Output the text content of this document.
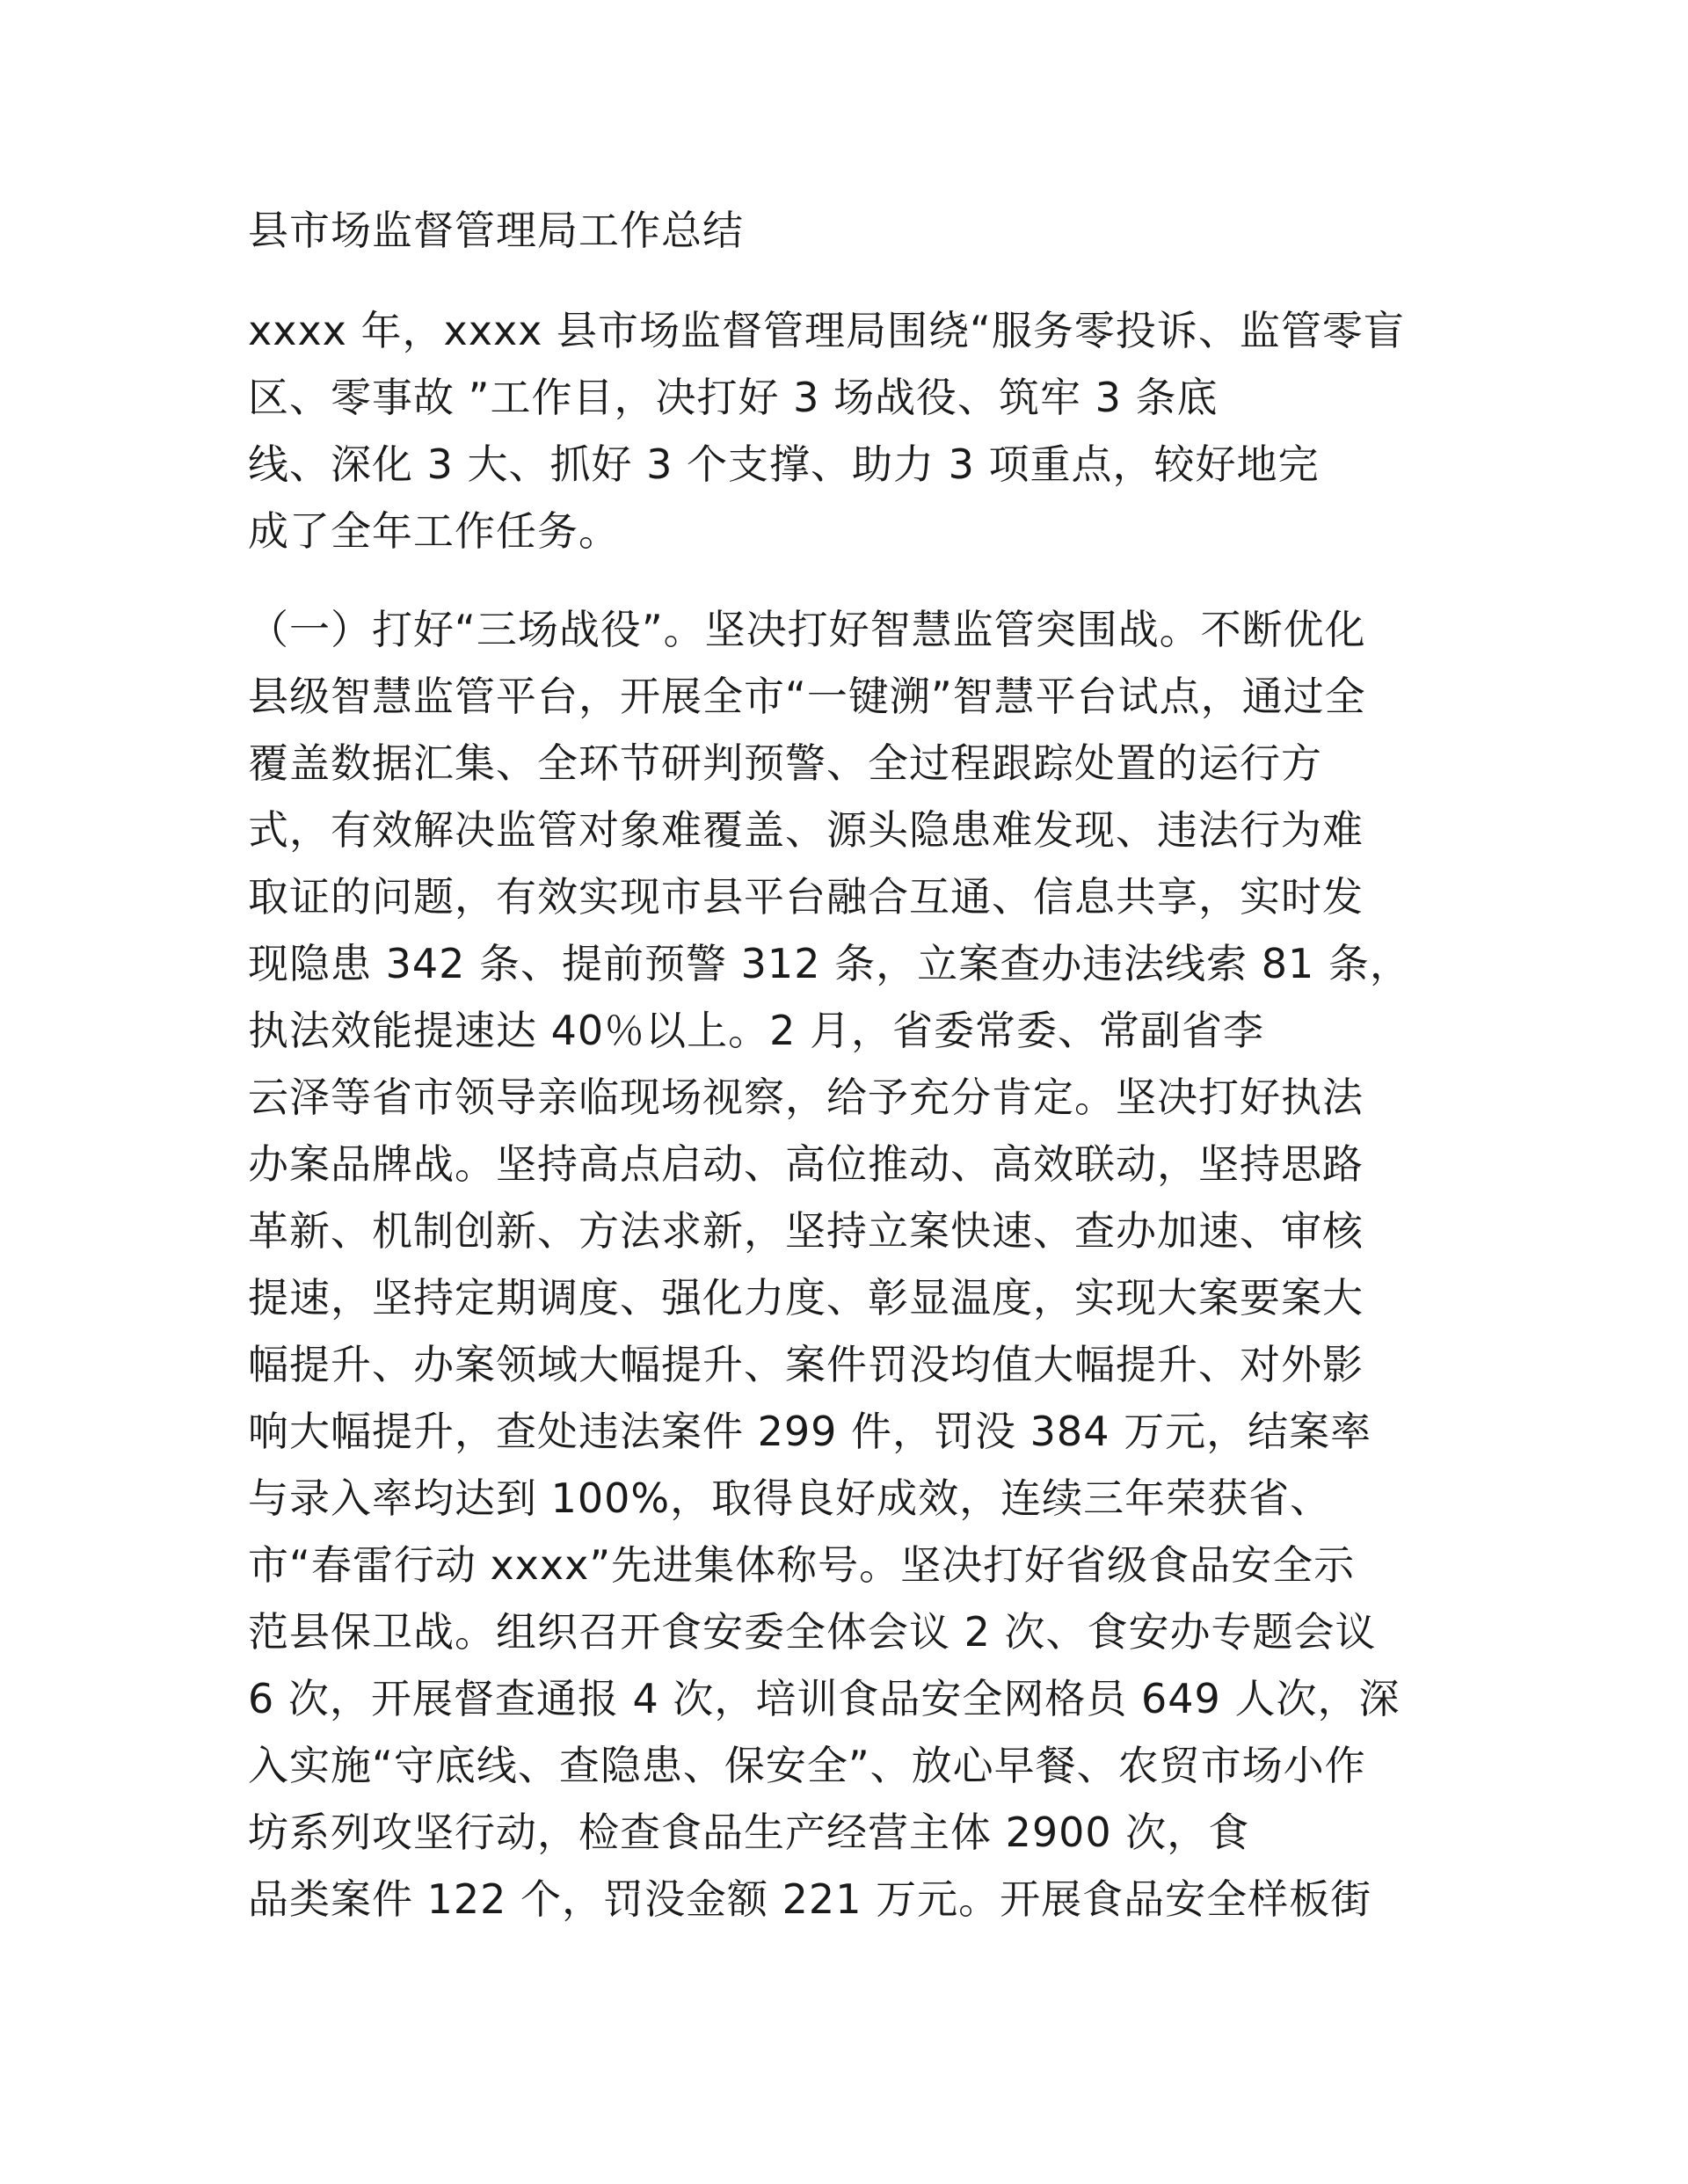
县市场监督管理局工作总结
xxxx 年，xxxx 县市场监督管理局围绕“服务零投诉、监管零盲
区、零事故 ”工作目，决打好 3 场战役、筑牢 3 条底
线、深化 3 大、抓好 3 个支撑、助力 3 项重点，较好地完
成了全年工作任务。
（一）打好“三场战役”。坚决打好智慧监管突围战。不断优化
县级智慧监管平台，开展全市“一键溯”智慧平台试点，通过全
覆盖数据汇集、全环节研判预警、全过程跟踪处置的运行方
式，有效解决监管对象难覆盖、源头隐患难发现、违法行为难
取证的问题，有效实现市县平台融合互通、信息共享，实时发
现隐患 342 条、提前预警 312 条，立案查办违法线索 81 条，
执法效能提速达 40％以上。2 月，省委常委、常副省李
云泽等省市领导亲临现场视察，给予充分肯定。坚决打好执法
办案品牌战。坚持高点启动、高位推动、高效联动，坚持思路
革新、机制创新、方法求新，坚持立案快速、查办加速、审核
提速，坚持定期调度、强化力度、彰显温度，实现大案要案大
幅提升、办案领域大幅提升、案件罚没均值大幅提升、对外影
响大幅提升，查处违法案件 299 件，罚没 384 万元，结案率
与录入率均达到 100%，取得良好成效，连续三年荣获省、
市“春雷行动 xxxx”先进集体称号。坚决打好省级食品安全示
范县保卫战。组织召开食安委全体会议 2 次、食安办专题会议
6 次，开展督查通报 4 次，培训食品安全网格员 649 人次，深
入实施“守底线、查隐患、保安全”、放心早餐、农贸市场小作
坊系列攻坚行动，检查食品生产经营主体 2900 次，食
品类案件 122 个，罚没金额 221 万元。开展食品安全样板街
